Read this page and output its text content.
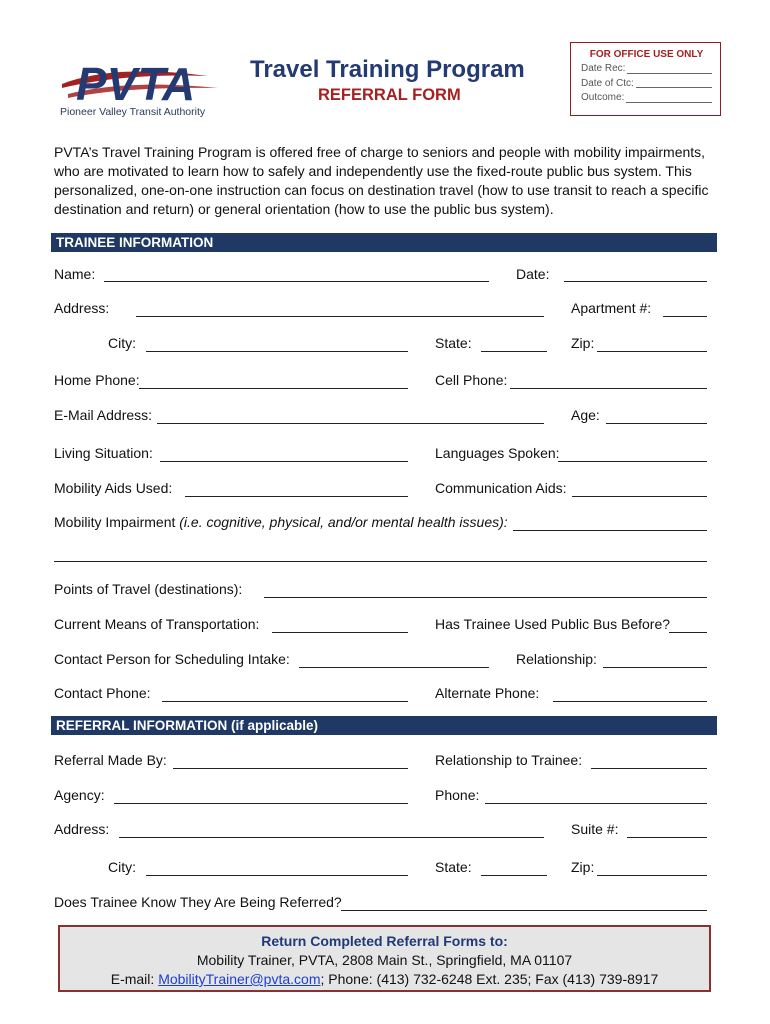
PVTA
Pioneer Valley Transit Authority
Travel Training Program
REFERRAL FORM
FOR OFFICE USE ONLY
Date Rec:
Date of Ctc:
Outcome:
PVTA’s Travel Training Program is offered free of charge to seniors and people with mobility impairments, who are motivated to learn how to safely and independently use the fixed-route public bus system. This personalized, one-on-one instruction can focus on destination travel (how to use transit to reach a specific destination and return) or general orientation (how to use the public bus system).
TRAINEE INFORMATION
Name:	Date:
Address:	Apartment #:
City:	State:	Zip:
Home Phone:	Cell Phone:
E-Mail Address:	Age:
Living Situation:	Languages Spoken:
Mobility Aids Used:	Communication Aids:
Mobility Impairment (i.e. cognitive, physical, and/or mental health issues):
Points of Travel (destinations):
Current Means of Transportation:	Has Trainee Used Public Bus Before?
Contact Person for Scheduling Intake:	Relationship:
Contact Phone:	Alternate Phone:
REFERRAL INFORMATION (if applicable)
Referral Made By:	Relationship to Trainee:
Agency:	Phone:
Address:	Suite #:
City:	State:	Zip:
Does Trainee Know They Are Being Referred?
Return Completed Referral Forms to:
Mobility Trainer, PVTA, 2808 Main St., Springfield, MA 01107
E-mail: MobilityTrainer@pvta.com; Phone: (413) 732-6248 Ext. 235; Fax (413) 739-8917
